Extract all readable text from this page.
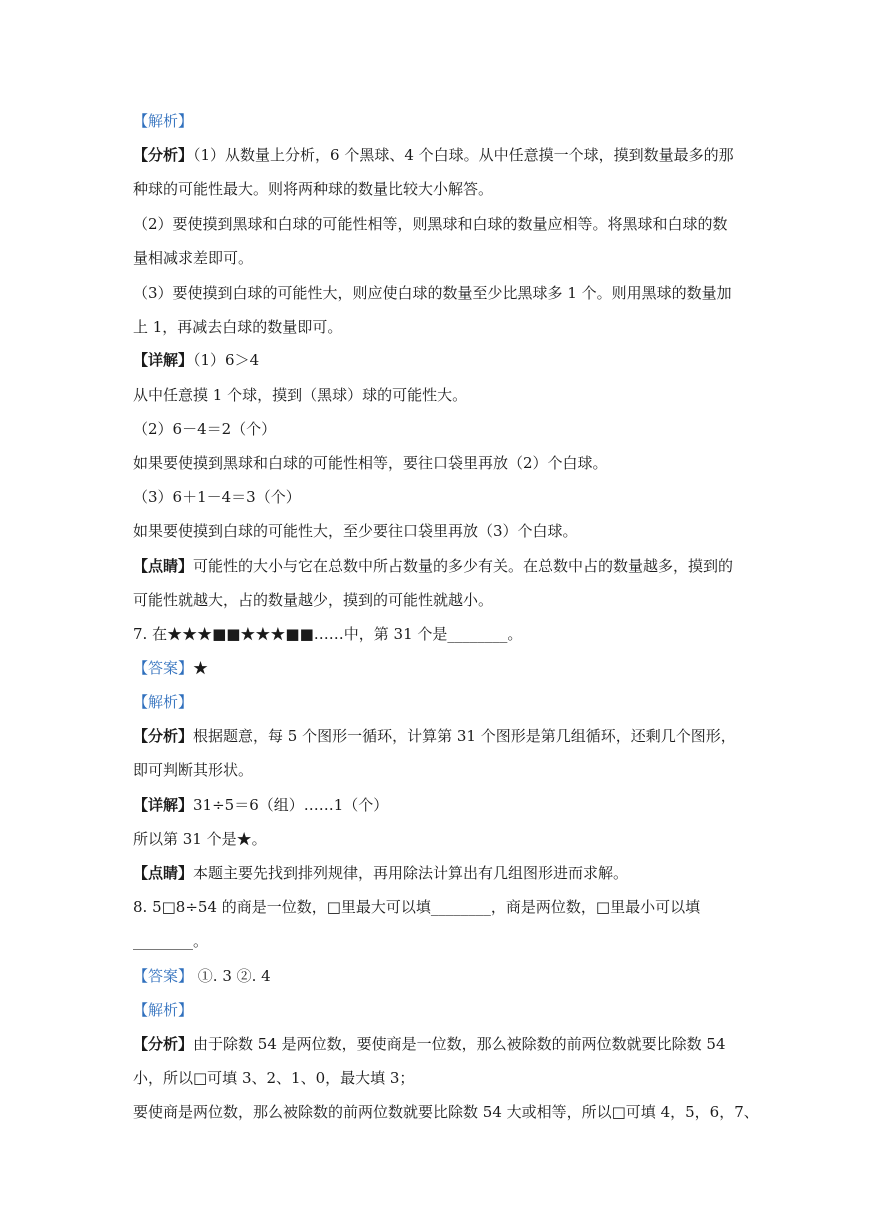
【解析】
【分析】（1）从数量上分析，6 个黑球、4 个白球。从中任意摸一个球，摸到数量最多的那
种球的可能性最大。则将两种球的数量比较大小解答。
（2）要使摸到黑球和白球的可能性相等，则黑球和白球的数量应相等。将黑球和白球的数
量相减求差即可。
（3）要使摸到白球的可能性大，则应使白球的数量至少比黑球多 1 个。则用黑球的数量加
上 1，再减去白球的数量即可。
【详解】（1）6＞4
从中任意摸 1 个球，摸到（黑球）球的可能性大。
（2）6－4＝2（个）
如果要使摸到黑球和白球的可能性相等，要往口袋里再放（2）个白球。
（3）6＋1－4＝3（个）
如果要使摸到白球的可能性大，至少要往口袋里再放（3）个白球。
【点睛】可能性的大小与它在总数中所占数量的多少有关。在总数中占的数量越多，摸到的
可能性就越大，占的数量越少，摸到的可能性就越小。
7. 在★★★■■★★★■■……中，第 31 个是________。
【答案】★
【解析】
【分析】根据题意，每 5 个图形一循环，计算第 31 个图形是第几组循环，还剩几个图形，
即可判断其形状。
【详解】31÷5＝6（组）……1（个）
所以第 31 个是★。
【点睛】本题主要先找到排列规律，再用除法计算出有几组图形进而求解。
8. 5□8÷54 的商是一位数，□里最大可以填________，商是两位数，□里最小可以填
________。
【答案】 ①. 3 ②. 4
【解析】
【分析】由于除数 54 是两位数，要使商是一位数，那么被除数的前两位数就要比除数 54
小，所以□可填 3、2、1、0，最大填 3；
要使商是两位数，那么被除数的前两位数就要比除数 54 大或相等，所以□可填 4，5，6，7、
